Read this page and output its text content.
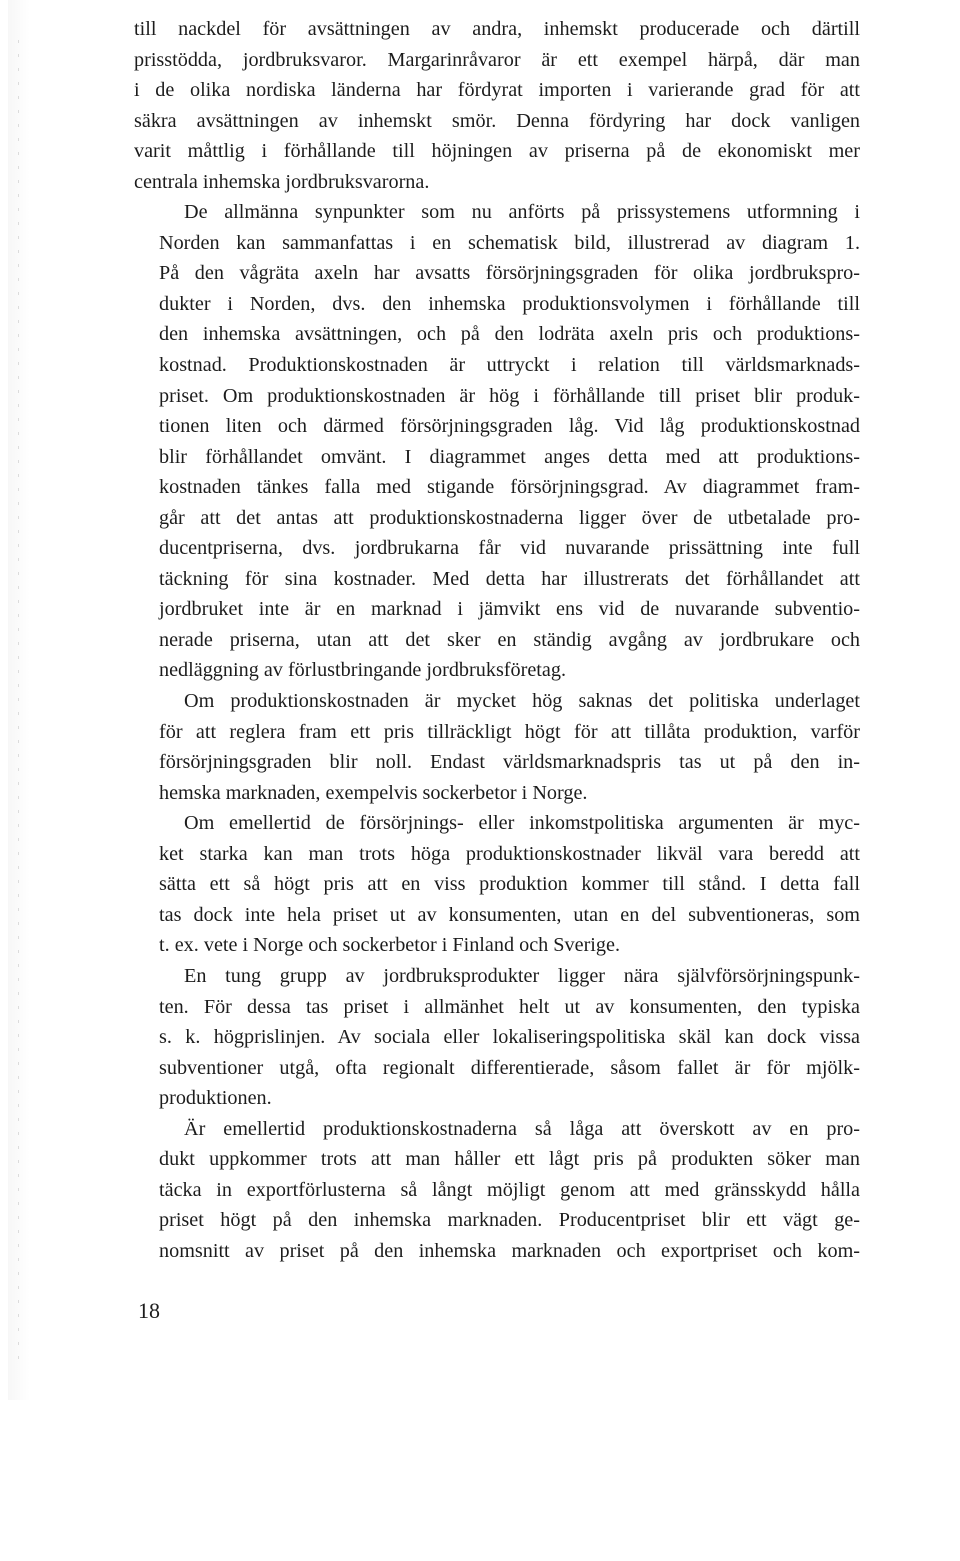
till nackdel för avsättningen av andra, inhemskt producerade och därtill
prisstödda, jordbruksvaror. Margarinråvaror är ett exempel härpå, där man
i de olika nordiska länderna har fördyrat importen i varierande grad för att
säkra avsättningen av inhemskt smör. Denna fördyring har dock vanligen
varit måttlig i förhållande till höjningen av priserna på de ekonomiskt mer
centrala inhemska jordbruksvarorna.
De allmänna synpunkter som nu anförts på prissystemens utformning i
Norden kan sammanfattas i en schematisk bild, illustrerad av diagram 1.
På den vågräta axeln har avsatts försörjningsgraden för olika jordbrukspro-
dukter i Norden, dvs. den inhemska produktionsvolymen i förhållande till
den inhemska avsättningen, och på den lodräta axeln pris och produktions-
kostnad. Produktionskostnaden är uttryckt i relation till världsmarknads-
priset. Om produktionskostnaden är hög i förhållande till priset blir produk-
tionen liten och därmed försörjningsgraden låg. Vid låg produktionskostnad
blir förhållandet omvänt. I diagrammet anges detta med att produktions-
kostnaden tänkes falla med stigande försörjningsgrad. Av diagrammet fram-
går att det antas att produktionskostnaderna ligger över de utbetalade pro-
ducentpriserna, dvs. jordbrukarna får vid nuvarande prissättning inte full
täckning för sina kostnader. Med detta har illustrerats det förhållandet att
jordbruket inte är en marknad i jämvikt ens vid de nuvarande subventio-
nerade priserna, utan att det sker en ständig avgång av jordbrukare och
nedläggning av förlustbringande jordbruksföretag.
Om produktionskostnaden är mycket hög saknas det politiska underlaget
för att reglera fram ett pris tillräckligt högt för att tillåta produktion, varför
försörjningsgraden blir noll. Endast världsmarknadspris tas ut på den in-
hemska marknaden, exempelvis sockerbetor i Norge.
Om emellertid de försörjnings- eller inkomstpolitiska argumenten är myc-
ket starka kan man trots höga produktionskostnader likväl vara beredd att
sätta ett så högt pris att en viss produktion kommer till stånd. I detta fall
tas dock inte hela priset ut av konsumenten, utan en del subventioneras, som
t. ex. vete i Norge och sockerbetor i Finland och Sverige.
En tung grupp av jordbruksprodukter ligger nära självförsörjningspunk-
ten. För dessa tas priset i allmänhet helt ut av konsumenten, den typiska
s. k. högprislinjen. Av sociala eller lokaliseringspolitiska skäl kan dock vissa
subventioner utgå, ofta regionalt differentierade, såsom fallet är för mjölk-
produktionen.
Är emellertid produktionskostnaderna så låga att överskott av en pro-
dukt uppkommer trots att man håller ett lågt pris på produkten söker man
täcka in exportförlusterna så långt möjligt genom att med gränsskydd hålla
priset högt på den inhemska marknaden. Producentpriset blir ett vägt ge-
nomsnitt av priset på den inhemska marknaden och exportpriset och kom-
18
